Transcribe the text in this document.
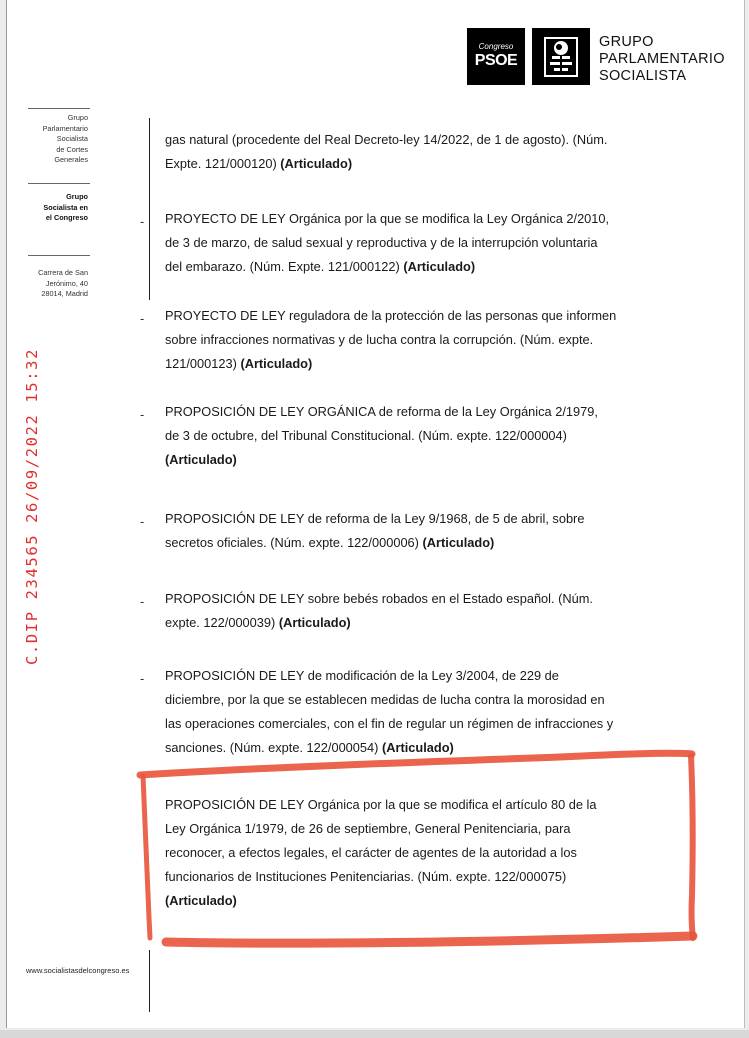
Congreso
PSOE
GRUPO
PARLAMENTARIO
SOCIALISTA
Grupo
Parlamentario
Socialista
de Cortes
Generales
Grupo
Socialista en
el Congreso
Carrera de San
Jerónimo, 40
28014, Madrid
C.DIP 234565 26/09/2022 15:32
www.socialistasdelcongreso.es
gas natural (procedente del Real Decreto-ley 14/2022, de 1 de agosto). (Núm.
Expte. 121/000120) (Articulado)
- PROYECTO DE LEY Orgánica por la que se modifica la Ley Orgánica 2/2010,
de 3 de marzo, de salud sexual y reproductiva y de la interrupción voluntaria
del embarazo. (Núm. Expte. 121/000122) (Articulado)
- PROYECTO DE LEY reguladora de la protección de las personas que informen
sobre infracciones normativas y de lucha contra la corrupción. (Núm. expte.
121/000123) (Articulado)
- PROPOSICIÓN DE LEY ORGÁNICA de reforma de la Ley Orgánica 2/1979,
de 3 de octubre, del Tribunal Constitucional. (Núm. expte. 122/000004)
(Articulado)
- PROPOSICIÓN DE LEY de reforma de la Ley 9/1968, de 5 de abril, sobre
secretos oficiales. (Núm. expte. 122/000006) (Articulado)
- PROPOSICIÓN DE LEY sobre bebés robados en el Estado español. (Núm.
expte. 122/000039) (Articulado)
- PROPOSICIÓN DE LEY de modificación de la Ley 3/2004, de 229 de
diciembre, por la que se establecen medidas de lucha contra la morosidad en
las operaciones comerciales, con el fin de regular un régimen de infracciones y
sanciones. (Núm. expte. 122/000054) (Articulado)
PROPOSICIÓN DE LEY Orgánica por la que se modifica el artículo 80 de la
Ley Orgánica 1/1979, de 26 de septiembre, General Penitenciaria, para
reconocer, a efectos legales, el carácter de agentes de la autoridad a los
funcionarios de Instituciones Penitenciarias. (Núm. expte. 122/000075)
(Articulado)
